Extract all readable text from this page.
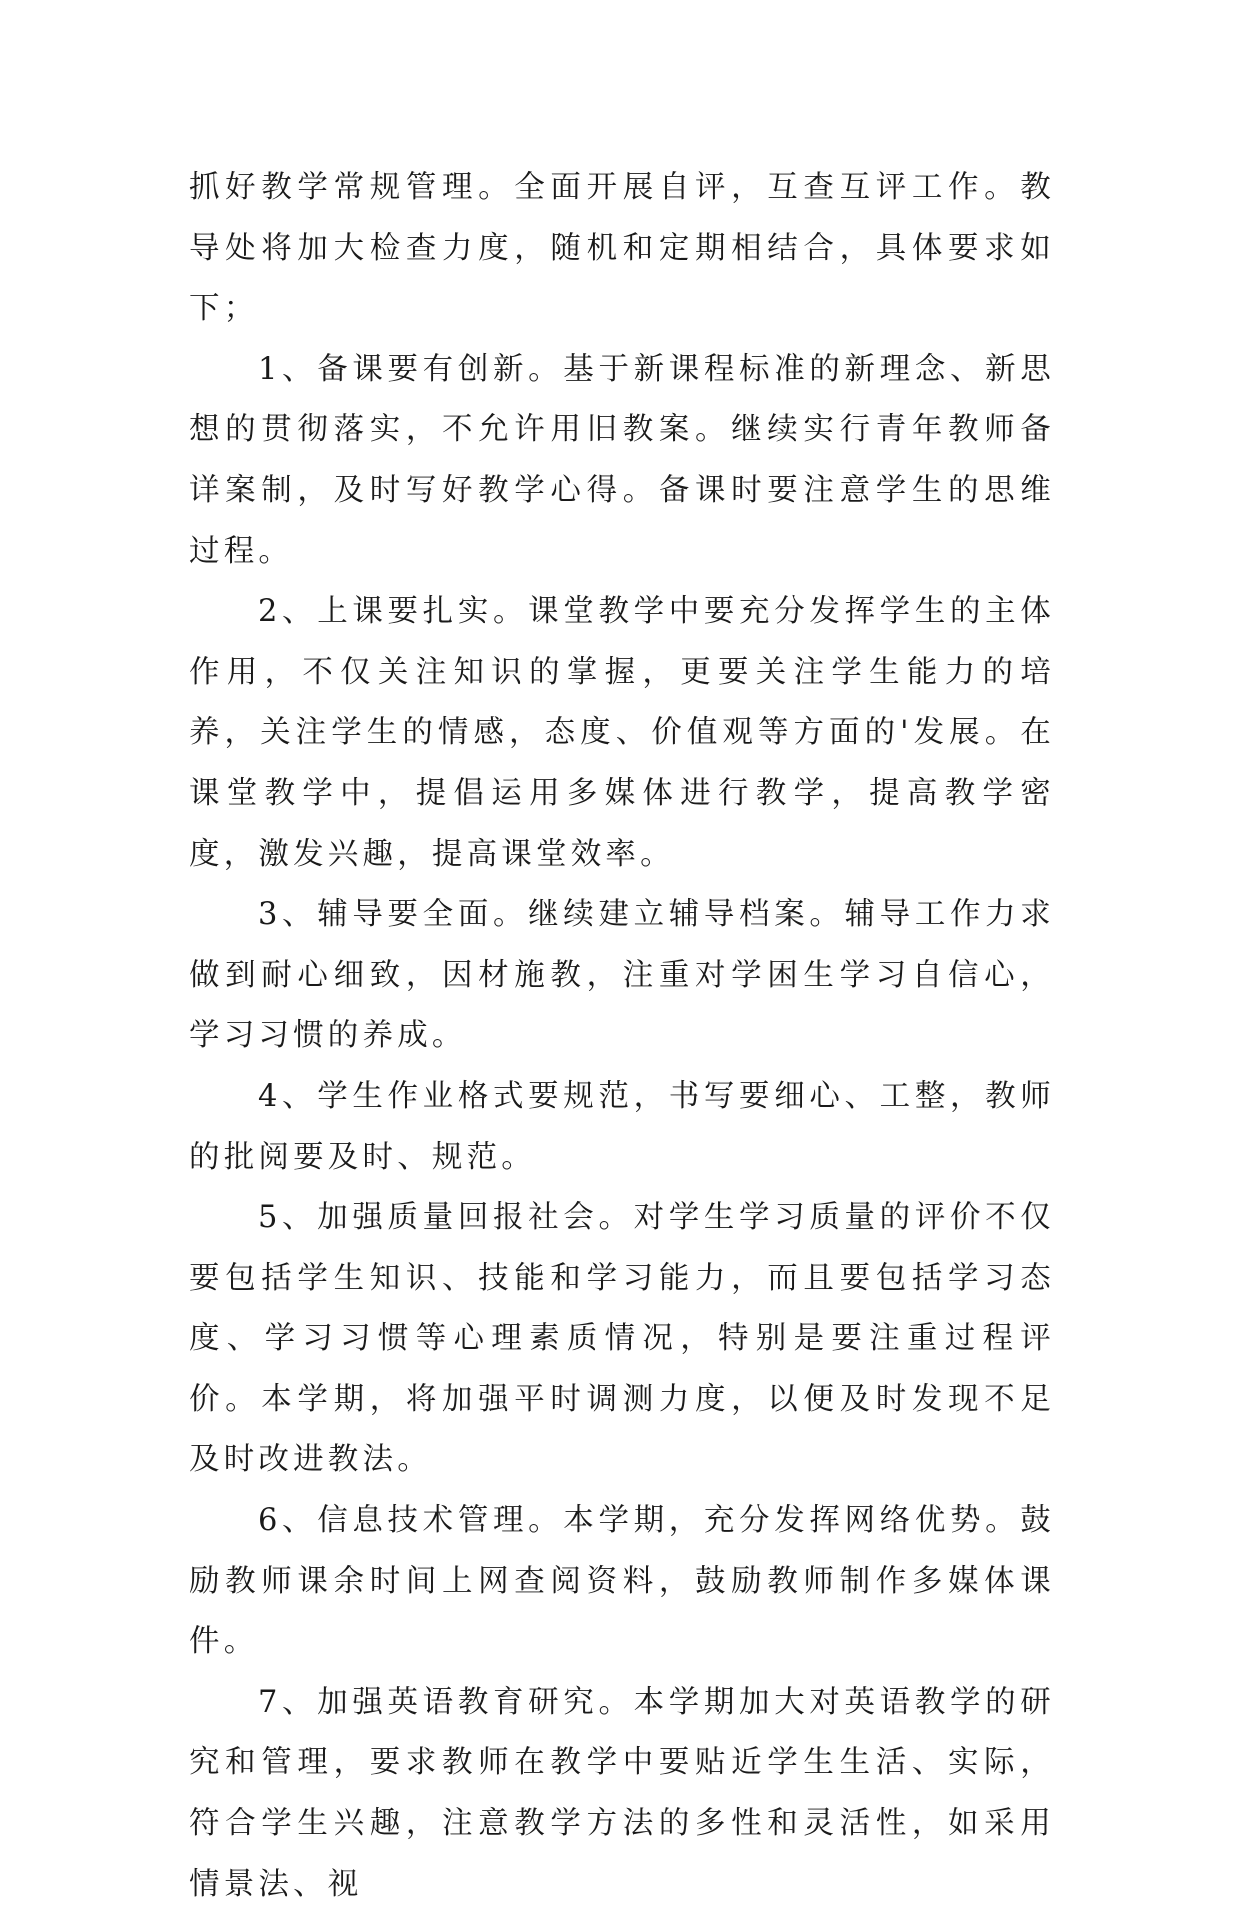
抓好教学常规管理。全面开展自评，互查互评工作。教导处将加大检查力度，随机和定期相结合，具体要求如下；

1、备课要有创新。基于新课程标准的新理念、新思想的贯彻落实，不允许用旧教案。继续实行青年教师备详案制，及时写好教学心得。备课时要注意学生的思维过程。

2、上课要扎实。课堂教学中要充分发挥学生的主体作用，不仅关注知识的掌握，更要关注学生能力的培养，关注学生的情感，态度、价值观等方面的'发展。在课堂教学中，提倡运用多媒体进行教学，提高教学密度，激发兴趣，提高课堂效率。

3、辅导要全面。继续建立辅导档案。辅导工作力求做到耐心细致，因材施教，注重对学困生学习自信心，学习习惯的养成。

4、学生作业格式要规范，书写要细心、工整，教师的批阅要及时、规范。

5、加强质量回报社会。对学生学习质量的评价不仅要包括学生知识、技能和学习能力，而且要包括学习态度、学习习惯等心理素质情况，特别是要注重过程评价。本学期，将加强平时调测力度，以便及时发现不足及时改进教法。

6、信息技术管理。本学期，充分发挥网络优势。鼓励教师课余时间上网查阅资料，鼓励教师制作多媒体课件。

7、加强英语教育研究。本学期加大对英语教学的研究和管理，要求教师在教学中要贴近学生生活、实际，符合学生兴趣，注意教学方法的多性和灵活性，如采用情景法、视
